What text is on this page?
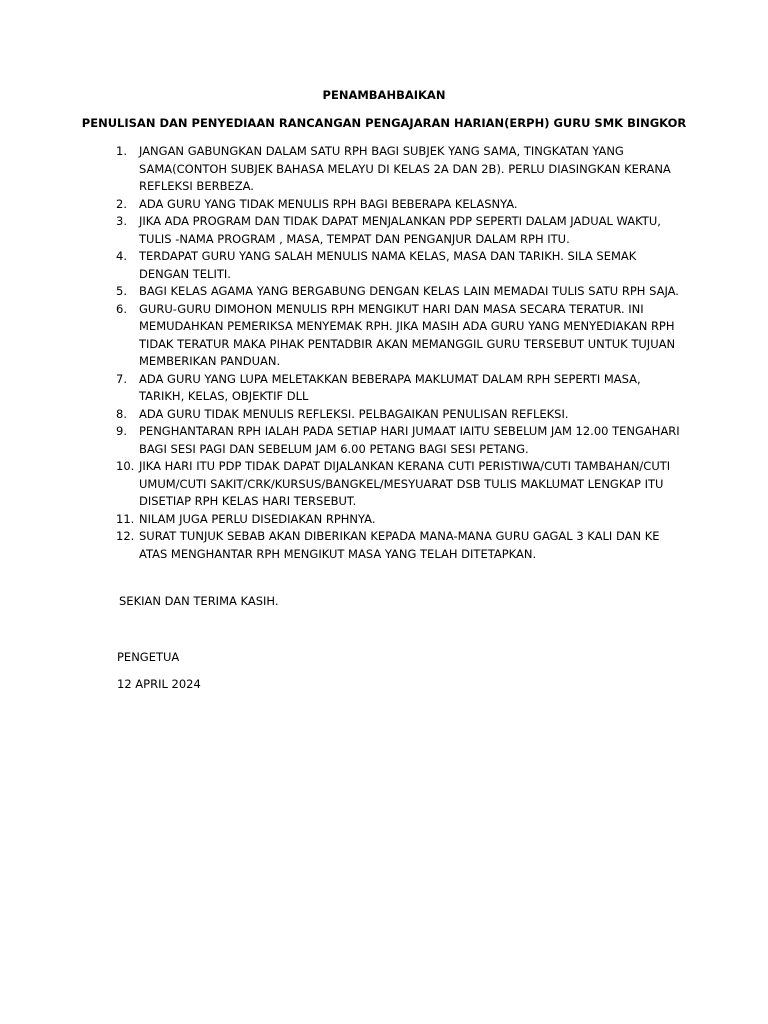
PENAMBAHBAIKAN
PENULISAN DAN PENYEDIAAN RANCANGAN PENGAJARAN HARIAN(ERPH) GURU SMK BINGKOR
1.	JANGAN GABUNGKAN DALAM SATU RPH BAGI SUBJEK YANG SAMA, TINGKATAN YANG SAMA(CONTOH SUBJEK BAHASA MELAYU DI KELAS 2A DAN 2B). PERLU DIASINGKAN KERANA REFLEKSI BERBEZA.
2.	ADA GURU YANG TIDAK MENULIS RPH BAGI BEBERAPA KELASNYA.
3.	JIKA ADA PROGRAM DAN TIDAK DAPAT MENJALANKAN PDP SEPERTI DALAM JADUAL WAKTU, TULIS -NAMA PROGRAM , MASA, TEMPAT DAN PENGANJUR DALAM RPH ITU.
4.	TERDAPAT GURU YANG SALAH MENULIS NAMA KELAS, MASA DAN TARIKH. SILA SEMAK DENGAN TELITI.
5.	BAGI KELAS AGAMA YANG BERGABUNG DENGAN KELAS LAIN MEMADAI TULIS SATU RPH SAJA.
6.	GURU-GURU DIMOHON MENULIS RPH MENGIKUT HARI DAN MASA SECARA TERATUR. INI MEMUDAHKAN PEMERIKSA MENYEMAK RPH. JIKA MASIH ADA GURU YANG MENYEDIAKAN RPH TIDAK TERATUR MAKA PIHAK PENTADBIR AKAN MEMANGGIL GURU TERSEBUT UNTUK TUJUAN MEMBERIKAN PANDUAN.
7.	ADA GURU YANG LUPA MELETAKKAN BEBERAPA MAKLUMAT DALAM RPH SEPERTI MASA, TARIKH, KELAS, OBJEKTIF DLL
8.	ADA GURU TIDAK MENULIS REFLEKSI. PELBAGAIKAN PENULISAN REFLEKSI.
9.	PENGHANTARAN RPH IALAH PADA SETIAP HARI JUMAAT IAITU SEBELUM JAM 12.00 TENGAHARI BAGI SESI PAGI DAN SEBELUM JAM 6.00 PETANG BAGI SESI PETANG.
10. JIKA HARI ITU PDP TIDAK DAPAT DIJALANKAN KERANA CUTI PERISTIWA/CUTI TAMBAHAN/CUTI UMUM/CUTI SAKIT/CRK/KURSUS/BANGKEL/MESYUARAT DSB TULIS MAKLUMAT LENGKAP ITU DISETIAP RPH KELAS HARI TERSEBUT.
11. NILAM JUGA PERLU DISEDIAKAN RPHNYA.
12. SURAT TUNJUK SEBAB AKAN DIBERIKAN KEPADA MANA-MANA GURU GAGAL 3 KALI DAN KE ATAS MENGHANTAR RPH MENGIKUT MASA YANG TELAH DITETAPKAN.
SEKIAN DAN TERIMA KASIH.
PENGETUA
12 APRIL 2024
